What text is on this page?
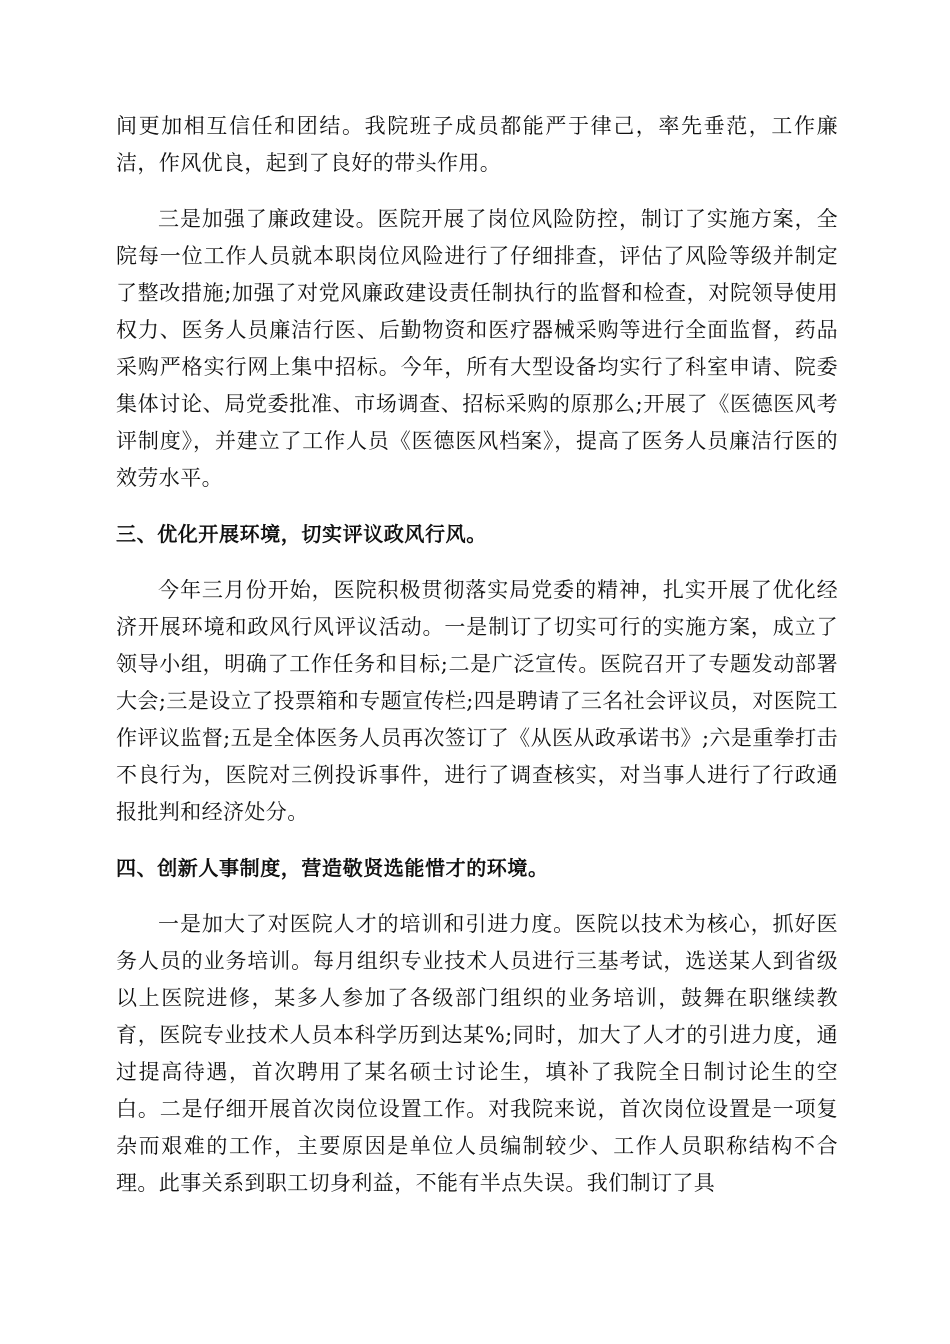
间更加相互信任和团结。我院班子成员都能严于律己，率先垂范，工作廉洁，作风优良，起到了良好的带头作用。

三是加强了廉政建设。医院开展了岗位风险防控，制订了实施方案，全院每一位工作人员就本职岗位风险进行了仔细排查，评估了风险等级并制定了整改措施;加强了对党风廉政建设责任制执行的监督和检查，对院领导使用权力、医务人员廉洁行医、后勤物资和医疗器械采购等进行全面监督，药品采购严格实行网上集中招标。今年，所有大型设备均实行了科室申请、院委集体讨论、局党委批准、市场调查、招标采购的原那么;开展了《医德医风考评制度》，并建立了工作人员《医德医风档案》，提高了医务人员廉洁行医的效劳水平。

三、优化开展环境，切实评议政风行风。

今年三月份开始，医院积极贯彻落实局党委的精神，扎实开展了优化经济开展环境和政风行风评议活动。一是制订了切实可行的实施方案，成立了领导小组，明确了工作任务和目标;二是广泛宣传。医院召开了专题发动部署大会;三是设立了投票箱和专题宣传栏;四是聘请了三名社会评议员，对医院工作评议监督;五是全体医务人员再次签订了《从医从政承诺书》;六是重拳打击不良行为，医院对三例投诉事件，进行了调查核实，对当事人进行了行政通报批判和经济处分。

四、创新人事制度，营造敬贤选能惜才的环境。

一是加大了对医院人才的培训和引进力度。医院以技术为核心，抓好医务人员的业务培训。每月组织专业技术人员进行三基考试，选送某人到省级以上医院进修，某多人参加了各级部门组织的业务培训，鼓舞在职继续教育，医院专业技术人员本科学历到达某%;同时，加大了人才的引进力度，通过提高待遇，首次聘用了某名硕士讨论生，填补了我院全日制讨论生的空白。二是仔细开展首次岗位设置工作。对我院来说，首次岗位设置是一项复杂而艰难的工作，主要原因是单位人员编制较少、工作人员职称结构不合理。此事关系到职工切身利益，不能有半点失误。我们制订了具
